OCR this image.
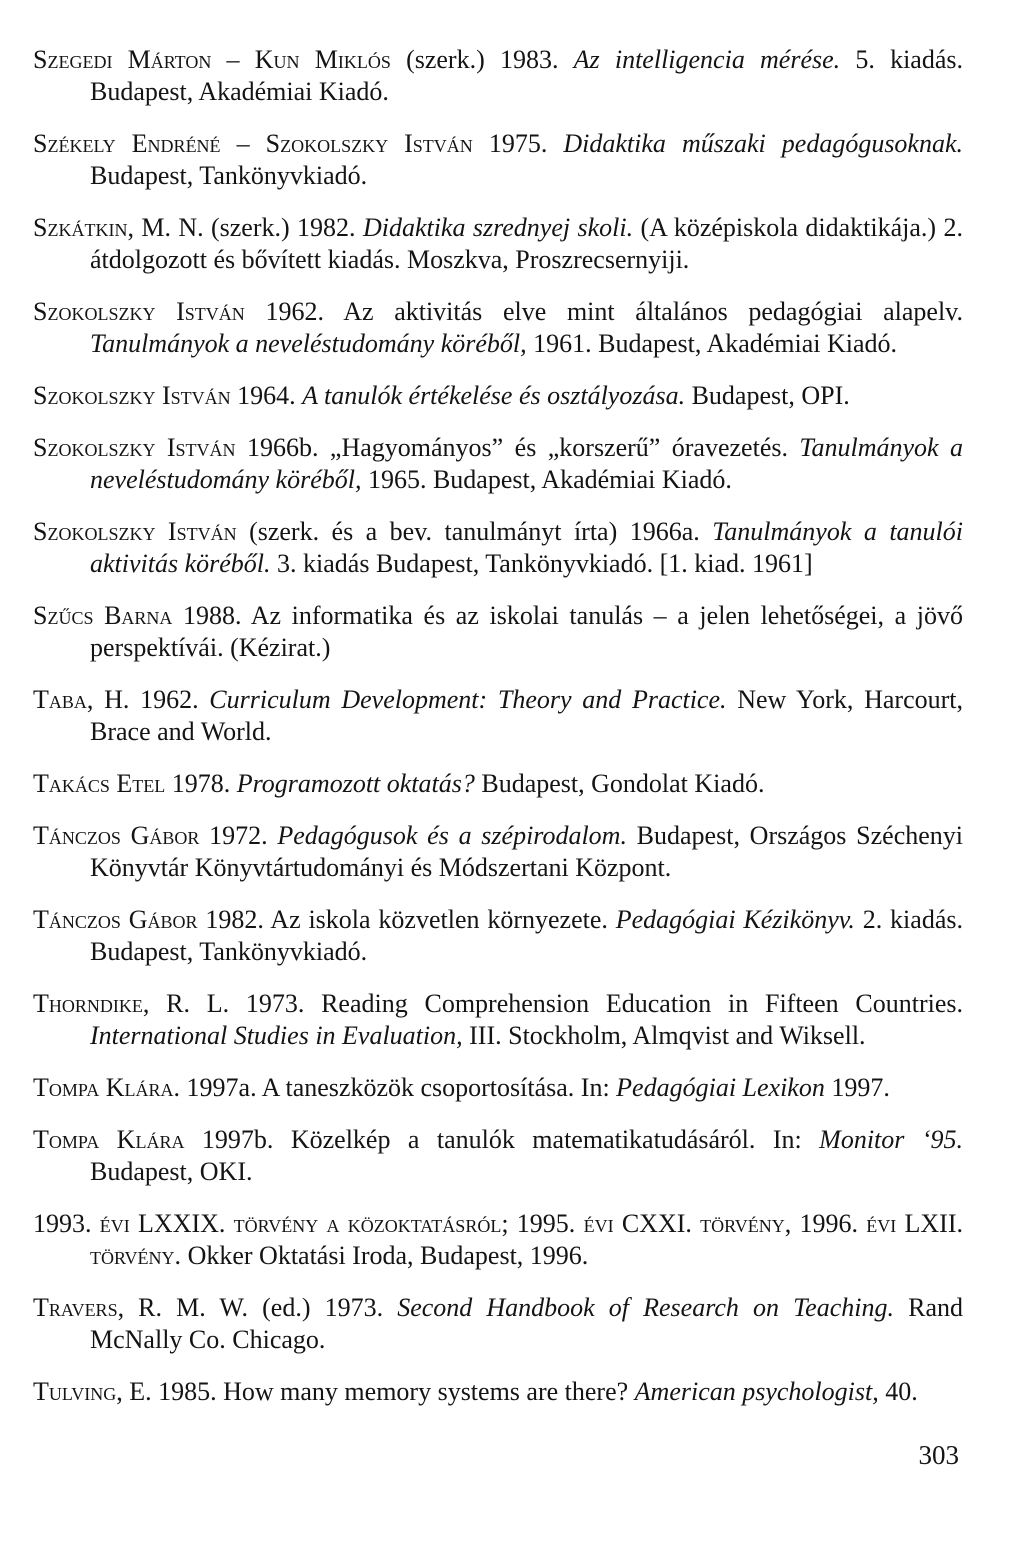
Szegedi Márton – Kun Miklós (szerk.) 1983. Az intelligencia mérése. 5. kiadás. Budapest, Akadémiai Kiadó.

Székely Endréné – Szokolszky István 1975. Didaktika műszaki pedagógusoknak. Budapest, Tankönyvkiadó.

Szkátkin, M. N. (szerk.) 1982. Didaktika szrednyej skoli. (A középiskola didaktikája.) 2. átdolgozott és bővített kiadás. Moszkva, Proszrecsernyiji.

Szokolszky István 1962. Az aktivitás elve mint általános pedagógiai alapelv. Tanulmányok a neveléstudomány köréből, 1961. Budapest, Akadémiai Kiadó.

Szokolszky István 1964. A tanulók értékelése és osztályozása. Budapest, OPI.

Szokolszky István 1966b. „Hagyományos” és „korszerű” óravezetés. Tanulmányok a neveléstudomány köréből, 1965. Budapest, Akadémiai Kiadó.

Szokolszky István (szerk. és a bev. tanulmányt írta) 1966a. Tanulmányok a tanulói aktivitás köréből. 3. kiadás Budapest, Tankönyvkiadó. [1. kiad. 1961]

Szűcs Barna 1988. Az informatika és az iskolai tanulás – a jelen lehetőségei, a jövő perspektívái. (Kézirat.)

Taba, H. 1962. Curriculum Development: Theory and Practice. New York, Harcourt, Brace and World.

Takács Etel 1978. Programozott oktatás? Budapest, Gondolat Kiadó.

Tánczos Gábor 1972. Pedagógusok és a szépirodalom. Budapest, Országos Széchenyi Könyvtár Könyvtártudományi és Módszertani Központ.

Tánczos Gábor 1982. Az iskola közvetlen környezete. Pedagógiai Kézikönyv. 2. kiadás. Budapest, Tankönyvkiadó.

Thorndike, R. L. 1973. Reading Comprehension Education in Fifteen Countries. International Studies in Evaluation, III. Stockholm, Almqvist and Wiksell.

Tompa Klára. 1997a. A taneszközök csoportosítása. In: Pedagógiai Lexikon 1997.

Tompa Klára 1997b. Közelkép a tanulók matematikatudásáról. In: Monitor ‘95. Budapest, OKI.

1993. évi LXXIX. törvény a közoktatásról; 1995. évi CXXI. törvény, 1996. évi LXII. törvény. Okker Oktatási Iroda, Budapest, 1996.

Travers, R. M. W. (ed.) 1973. Second Handbook of Research on Teaching. Rand McNally Co. Chicago.

Tulving, E. 1985. How many memory systems are there? American psychologist, 40.

303
